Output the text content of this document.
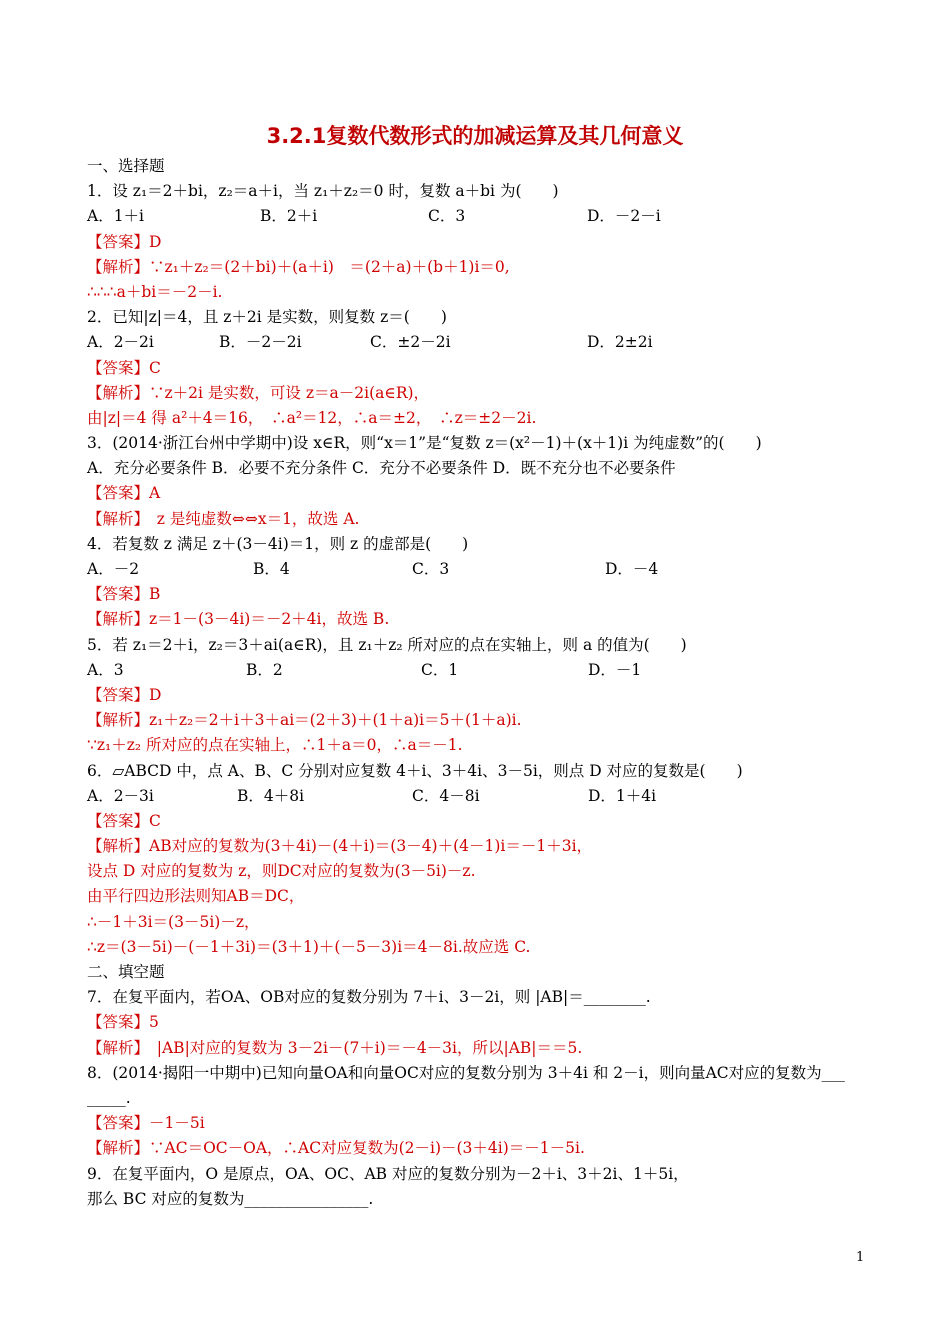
3.2.1复数代数形式的加减运算及其几何意义
一、选择题
1．设 z₁＝2＋bi，z₂＝a＋i，当 z₁＋z₂＝0 时，复数 a＋bi 为(　　)
A．1＋i	B．2＋i	C．3	D．－2－i
【答案】D
【解析】∵z₁＋z₂＝(2＋bi)＋(a＋i)　＝(2＋a)＋(b＋1)i＝0,
∴∴∴a＋bi＝－2－i.
2．已知|z|＝4，且 z＋2i 是实数，则复数 z＝(　　)
A．2－2i	B．－2－2i	C．±2－2i	D．2±2i
【答案】C
【解析】∵z＋2i 是实数，可设 z＝a－2i(a∈R)，
由|z|＝4 得 a²＋4＝16，　∴a²＝12，∴a＝±2，　∴z＝±2－2i.
3．(2014·浙江台州中学期中)设 x∈R，则“x＝1”是“复数 z＝(x²－1)＋(x＋1)i 为纯虚数”的(　　)
A．充分必要条件 B．必要不充分条件 C．充分不必要条件 D．既不充分也不必要条件
【答案】A
【解析】　z 是纯虚数⇔⇔x＝1，故选 A.
4．若复数 z 满足 z＋(3－4i)＝1，则 z 的虚部是(　　)
A．－2	B．4	C．3	D．－4
【答案】B
【解析】z＝1－(3－4i)＝－2＋4i，故选 B.
5．若 z₁＝2＋i，z₂＝3＋ai(a∈R)，且 z₁＋z₂ 所对应的点在实轴上，则 a 的值为(　　)
A．3	B．2	C．1	D．－1
【答案】D
【解析】z₁＋z₂＝2＋i＋3＋ai＝(2＋3)＋(1＋a)i＝5＋(1＋a)i.
∵z₁＋z₂ 所对应的点在实轴上，∴1＋a＝0，∴a＝－1.
6．▱ABCD 中，点 A、B、C 分别对应复数 4＋i、3＋4i、3－5i，则点 D 对应的复数是(　　)
A．2－3i	B．4＋8i	C．4－8i	D．1＋4i
【答案】C
【解析】AB对应的复数为(3＋4i)－(4＋i)＝(3－4)＋(4－1)i＝－1＋3i，
设点 D 对应的复数为 z，则DC对应的复数为(3－5i)－z.
由平行四边形法则知AB＝DC，
∴－1＋3i＝(3－5i)－z，
∴z＝(3－5i)－(－1＋3i)＝(3＋1)＋(－5－3)i＝4－8i.故应选 C.
二、填空题
7．在复平面内，若OA、OB对应的复数分别为 7＋i、3－2i，则 |AB|＝________.
【答案】5
【解析】　|AB|对应的复数为 3－2i－(7＋i)＝－4－3i，所以|AB|＝＝5.
8．(2014·揭阳一中期中)已知向量OA和向量OC对应的复数分别为 3＋4i 和 2－i，则向量AC对应的复数为___
_____.
【答案】－1－5i
【解析】∵AC＝OC－OA，∴AC对应复数为(2－i)－(3＋4i)＝－1－5i.
9．在复平面内，O 是原点，OA、OC、AB 对应的复数分别为－2＋i、3＋2i、1＋5i，
那么 BC 对应的复数为________________.
1
